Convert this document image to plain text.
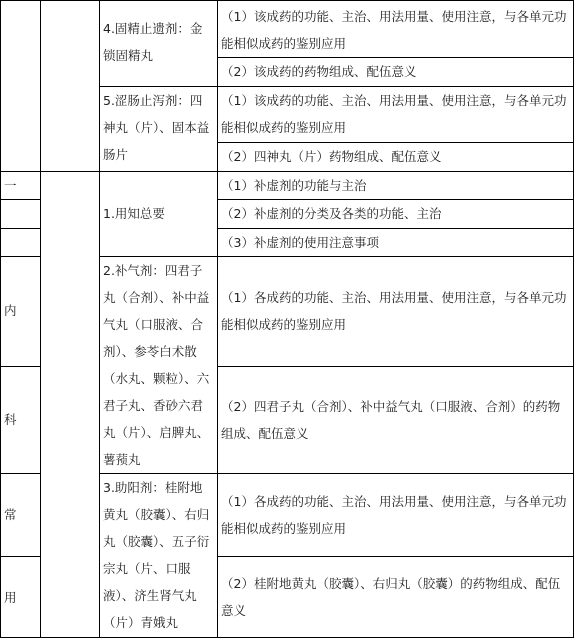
一
内
科
常
用
4.固精止遗剂：金锁固精丸
（1）该成药的功能、主治、用法用量、使用注意，与各单元功能相似成药的鉴别应用
（2）该成药的药物组成、配伍意义
5.涩肠止泻剂：四神丸（片）、固本益肠片
（1）该成药的功能、主治、用法用量、使用注意，与各单元功能相似成药的鉴别应用
（2）四神丸（片）药物组成、配伍意义
1.用知总要
（1）补虚剂的功能与主治
（2）补虚剂的分类及各类的功能、主治
（3）补虚剂的使用注意事项
2.补气剂：四君子丸（合剂）、补中益气丸（口服液、合剂）、参苓白术散（水丸、颗粒）、六君子丸、香砂六君丸（片）、启脾丸、薯蓣丸
（1）各成药的功能、主治、用法用量、使用注意，与各单元功能相似成药的鉴别应用
（2）四君子丸（合剂）、补中益气丸（口服液、合剂）的药物组成、配伍意义
3.助阳剂：桂附地黄丸（胶囊）、右归丸（胶囊）、五子衍宗丸（片、口服液）、济生肾气丸（片）青娥丸
（1）各成药的功能、主治、用法用量、使用注意，与各单元功能相似成药的鉴别应用
（2）桂附地黄丸（胶囊）、右归丸（胶囊）的药物组成、配伍意义
